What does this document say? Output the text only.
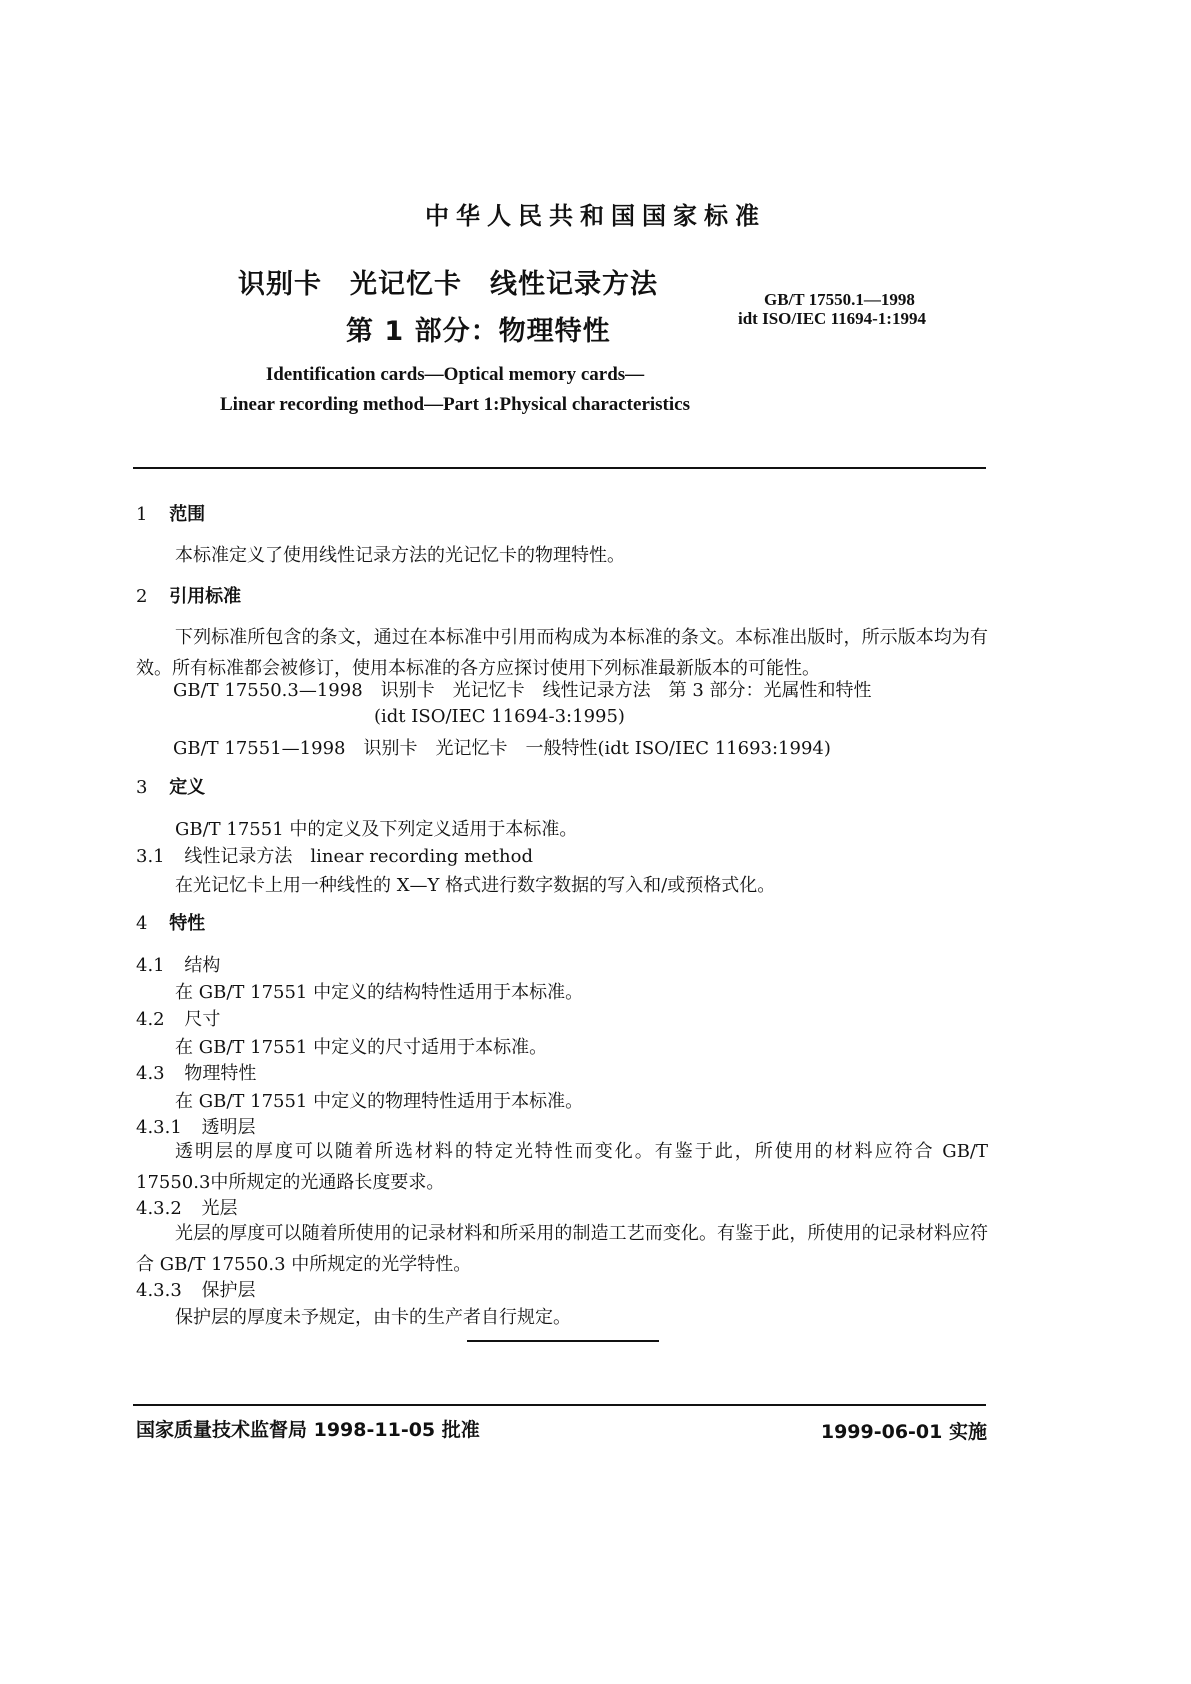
中华人民共和国国家标准
识别卡　光记忆卡　线性记录方法
第 1 部分：物理特性
GB/T 17550.1—1998
idt ISO/IEC 11694-1:1994
Identification cards—Optical memory cards—
Linear recording method—Part 1:Physical characteristics
1 范围
本标准定义了使用线性记录方法的光记忆卡的物理特性。
2 引用标准
下列标准所包含的条文，通过在本标准中引用而构成为本标准的条文。本标准出版时，所示版本均为有效。所有标准都会被修订，使用本标准的各方应探讨使用下列标准最新版本的可能性。
GB/T 17550.3—1998　识别卡　光记忆卡　线性记录方法　第 3 部分：光属性和特性
(idt ISO/IEC 11694-3:1995)
GB/T 17551—1998　识别卡　光记忆卡　一般特性(idt ISO/IEC 11693:1994)
3 定义
GB/T 17551 中的定义及下列定义适用于本标准。
3.1 线性记录方法　linear recording method
在光记忆卡上用一种线性的 X—Y 格式进行数字数据的写入和/或预格式化。
4 特性
4.1 结构
在 GB/T 17551 中定义的结构特性适用于本标准。
4.2 尺寸
在 GB/T 17551 中定义的尺寸适用于本标准。
4.3 物理特性
在 GB/T 17551 中定义的物理特性适用于本标准。
4.3.1 透明层
透明层的厚度可以随着所选材料的特定光特性而变化。有鉴于此，所使用的材料应符合 GB/T 17550.3中所规定的光通路长度要求。
4.3.2 光层
光层的厚度可以随着所使用的记录材料和所采用的制造工艺而变化。有鉴于此，所使用的记录材料应符合 GB/T 17550.3 中所规定的光学特性。
4.3.3 保护层
保护层的厚度未予规定，由卡的生产者自行规定。
国家质量技术监督局 1998-11-05 批准	1999-06-01 实施
